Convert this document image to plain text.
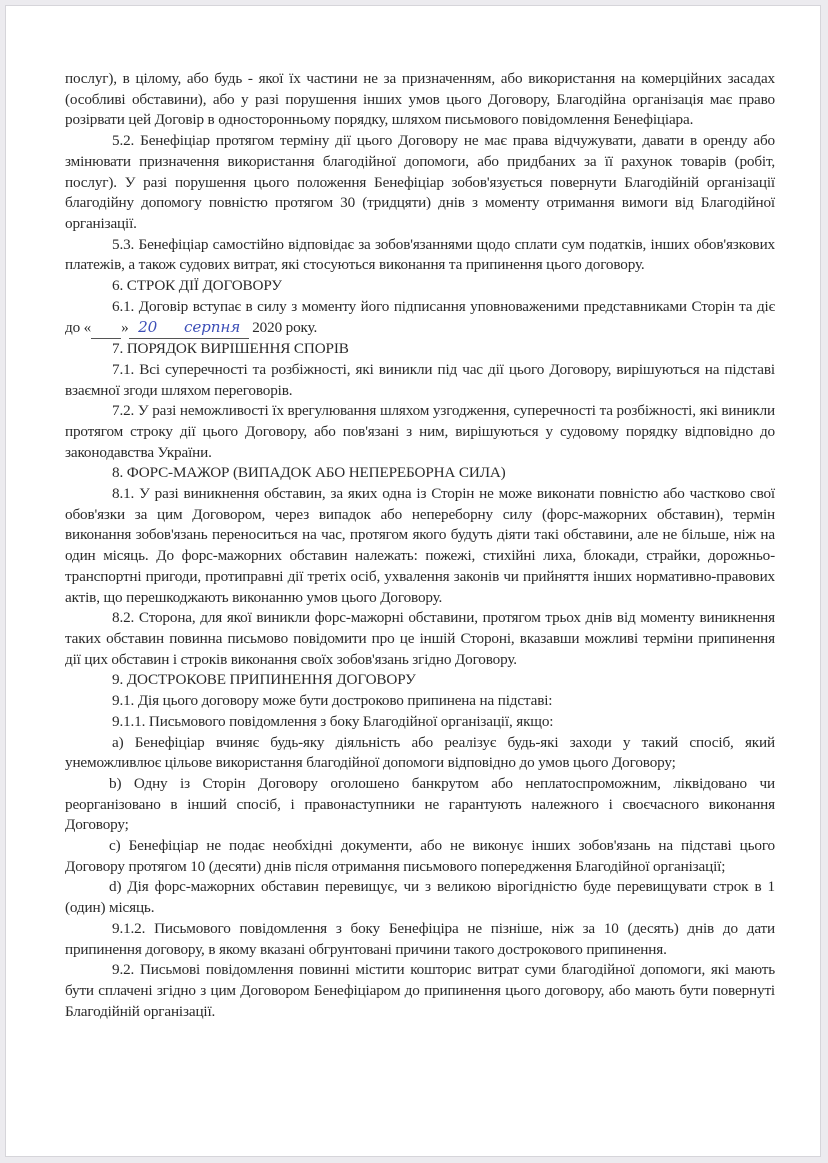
послуг), в цілому, або будь - якої їх частини не за призначенням, або використання на комерційних засадах (особливі обставини), або у разі порушення інших умов цього Договору, Благодійна організація має право розірвати цей Договір в односторонньому порядку, шляхом письмового повідомлення Бенефіціара.

5.2. Бенефіціар протягом терміну дії цього Договору не має права відчужувати, давати в оренду або змінювати призначення використання благодійної допомоги, або придбаних за її рахунок товарів (робіт, послуг). У разі порушення цього положення Бенефіціар зобов'язується повернути Благодійній організації благодійну допомогу повністю протягом 30 (тридцяти) днів з моменту отримання вимоги від Благодійної організації.

5.3. Бенефіціар самостійно відповідає за зобов'язаннями щодо сплати сум податків, інших обов'язкових платежів, а також судових витрат, які стосуються виконання та припинення цього договору.

6. СТРОК ДІЇ ДОГОВОРУ

6.1. Договір вступає в силу з моменту його підписання уповноваженими представниками Сторін та діє до «	20»	серпня 2020 року.

7. ПОРЯДОК ВИРІШЕННЯ СПОРІВ

7.1. Всі суперечності та розбіжності, які виникли під час дії цього Договору, вирішуються на підставі взаємної згоди шляхом переговорів.

7.2. У разі неможливості їх врегулювання шляхом узгодження, суперечності та розбіжності, які виникли протягом строку дії цього Договору, або пов'язані з ним, вирішуються у судовому порядку відповідно до законодавства України.

8. ФОРС-МАЖОР (ВИПАДОК АБО НЕПЕРЕБОРНА СИЛА)

8.1. У разі виникнення обставин, за яких одна із Сторін не може виконати повністю або частково свої обов'язки за цим Договором, через випадок або непереборну силу (форс-мажорних обставин), термін виконання зобов'язань переноситься на час, протягом якого будуть діяти такі обставини, але не більше, ніж на один місяць. До форс-мажорних обставин належать: пожежі, стихійні лиха, блокади, страйки, дорожньо-транспортні пригоди, протиправні дії третіх осіб, ухвалення законів чи прийняття інших нормативно-правових актів, що перешкоджають виконанню умов цього Договору.

8.2. Сторона, для якої виникли форс-мажорні обставини, протягом трьох днів від моменту виникнення таких обставин повинна письмово повідомити про це іншій Стороні, вказавши можливі терміни припинення дії цих обставин і строків виконання своїх зобов'язань згідно Договору.

9. ДОСТРОКОВЕ ПРИПИНЕННЯ ДОГОВОРУ

9.1. Дія цього договору може бути достроково припинена на підставі:

9.1.1. Письмового повідомлення з боку Благодійної організації, якщо:

a) Бенефіціар вчиняє будь-яку діяльність або реалізує будь-які заходи у такий спосіб, який унеможливлює цільове використання благодійної допомоги відповідно до умов цього Договору;

b) Одну із Сторін Договору оголошено банкрутом або неплатоспроможним, ліквідовано чи реорганізовано в інший спосіб, і правонаступники не гарантують належного і своєчасного виконання Договору;

c) Бенефіціар не подає необхідні документи, або не виконує інших зобов'язань на підставі цього Договору протягом 10 (десяти) днів після отримання письмового попередження Благодійної організації;

d) Дія форс-мажорних обставин перевищує, чи з великою вірогідністю буде перевищувати строк в 1 (один) місяць.

9.1.2. Письмового повідомлення з боку Бенефіціра не пізніше, ніж за 10 (десять) днів до дати припинення договору, в якому вказані обгрунтовані причини такого дострокового припинення.

9.2. Письмові повідомлення повинні містити кошторис витрат суми благодійної допомоги, які мають бути сплачені згідно з цим Договором Бенефіціаром до припинення цього договору, або мають бути повернуті Благодійній організації.
